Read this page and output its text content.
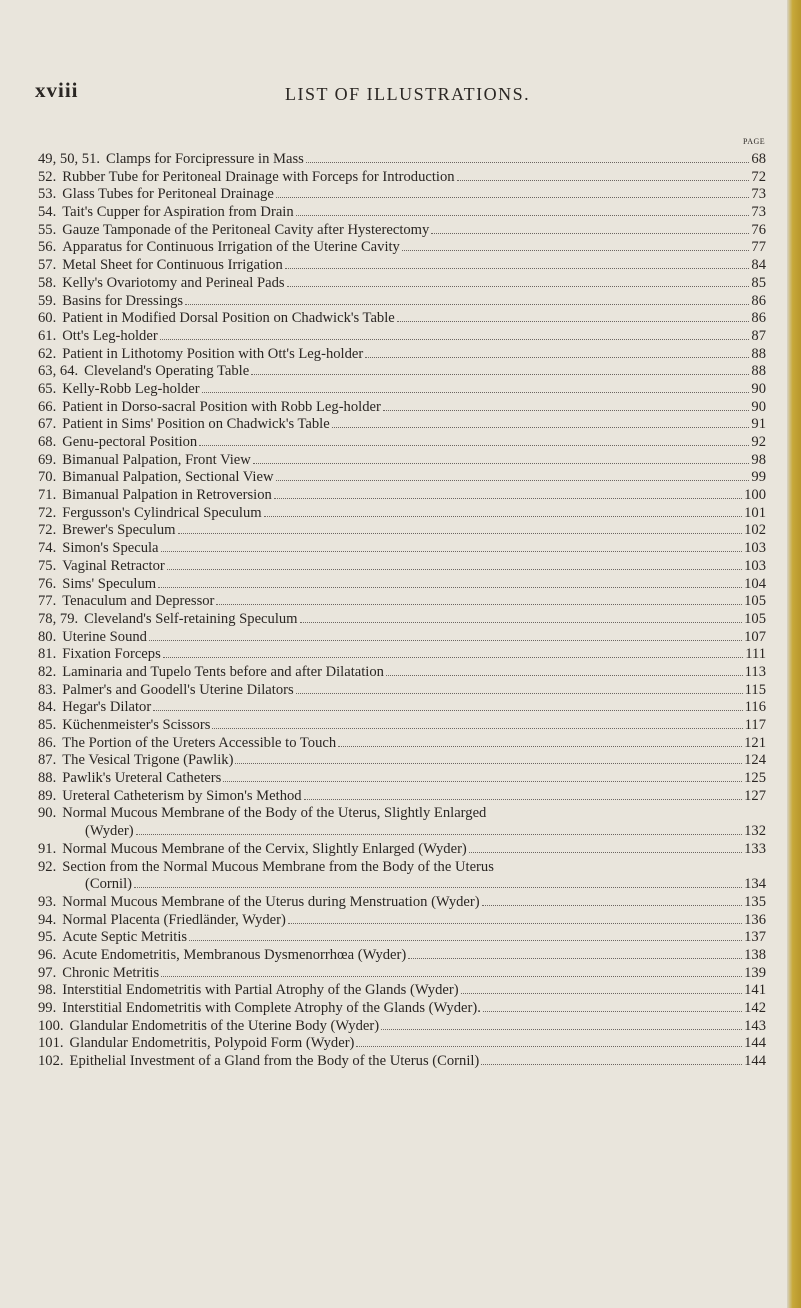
xviii	LIST OF ILLUSTRATIONS.
PAGE
49, 50, 51. Clamps for Forcipressure in Mass	68
52. Rubber Tube for Peritoneal Drainage with Forceps for Introduction	72
53. Glass Tubes for Peritoneal Drainage	73
54. Tait's Cupper for Aspiration from Drain	73
55. Gauze Tamponade of the Peritoneal Cavity after Hysterectomy	76
56. Apparatus for Continuous Irrigation of the Uterine Cavity	77
57. Metal Sheet for Continuous Irrigation	84
58. Kelly's Ovariotomy and Perineal Pads	85
59. Basins for Dressings	86
60. Patient in Modified Dorsal Position on Chadwick's Table	86
61. Ott's Leg-holder	87
62. Patient in Lithotomy Position with Ott's Leg-holder	88
63, 64. Cleveland's Operating Table	88
65. Kelly-Robb Leg-holder	90
66. Patient in Dorso-sacral Position with Robb Leg-holder	90
67. Patient in Sims' Position on Chadwick's Table	91
68. Genu-pectoral Position	92
69. Bimanual Palpation, Front View	98
70. Bimanual Palpation, Sectional View	99
71. Bimanual Palpation in Retroversion	100
72. Fergusson's Cylindrical Speculum	101
72. Brewer's Speculum	102
74. Simon's Specula	103
75. Vaginal Retractor	103
76. Sims' Speculum	104
77. Tenaculum and Depressor	105
78, 79. Cleveland's Self-retaining Speculum	105
80. Uterine Sound	107
81. Fixation Forceps	111
82. Laminaria and Tupelo Tents before and after Dilatation	113
83. Palmer's and Goodell's Uterine Dilators	115
84. Hegar's Dilator	116
85. Küchenmeister's Scissors	117
86. The Portion of the Ureters Accessible to Touch	121
87. The Vesical Trigone (Pawlik)	124
88. Pawlik's Ureteral Catheters	125
89. Ureteral Catheterism by Simon's Method	127
90. Normal Mucous Membrane of the Body of the Uterus, Slightly Enlarged
(Wyder)	132
91. Normal Mucous Membrane of the Cervix, Slightly Enlarged (Wyder)	133
92. Section from the Normal Mucous Membrane from the Body of the Uterus
(Cornil)	134
93. Normal Mucous Membrane of the Uterus during Menstruation (Wyder)	135
94. Normal Placenta (Friedländer, Wyder)	136
95. Acute Septic Metritis	137
96. Acute Endometritis, Membranous Dysmenorrhœa (Wyder)	138
97. Chronic Metritis	139
98. Interstitial Endometritis with Partial Atrophy of the Glands (Wyder)	141
99. Interstitial Endometritis with Complete Atrophy of the Glands (Wyder).	142
100. Glandular Endometritis of the Uterine Body (Wyder)	143
101. Glandular Endometritis, Polypoid Form (Wyder)	144
102. Epithelial Investment of a Gland from the Body of the Uterus (Cornil)	144
